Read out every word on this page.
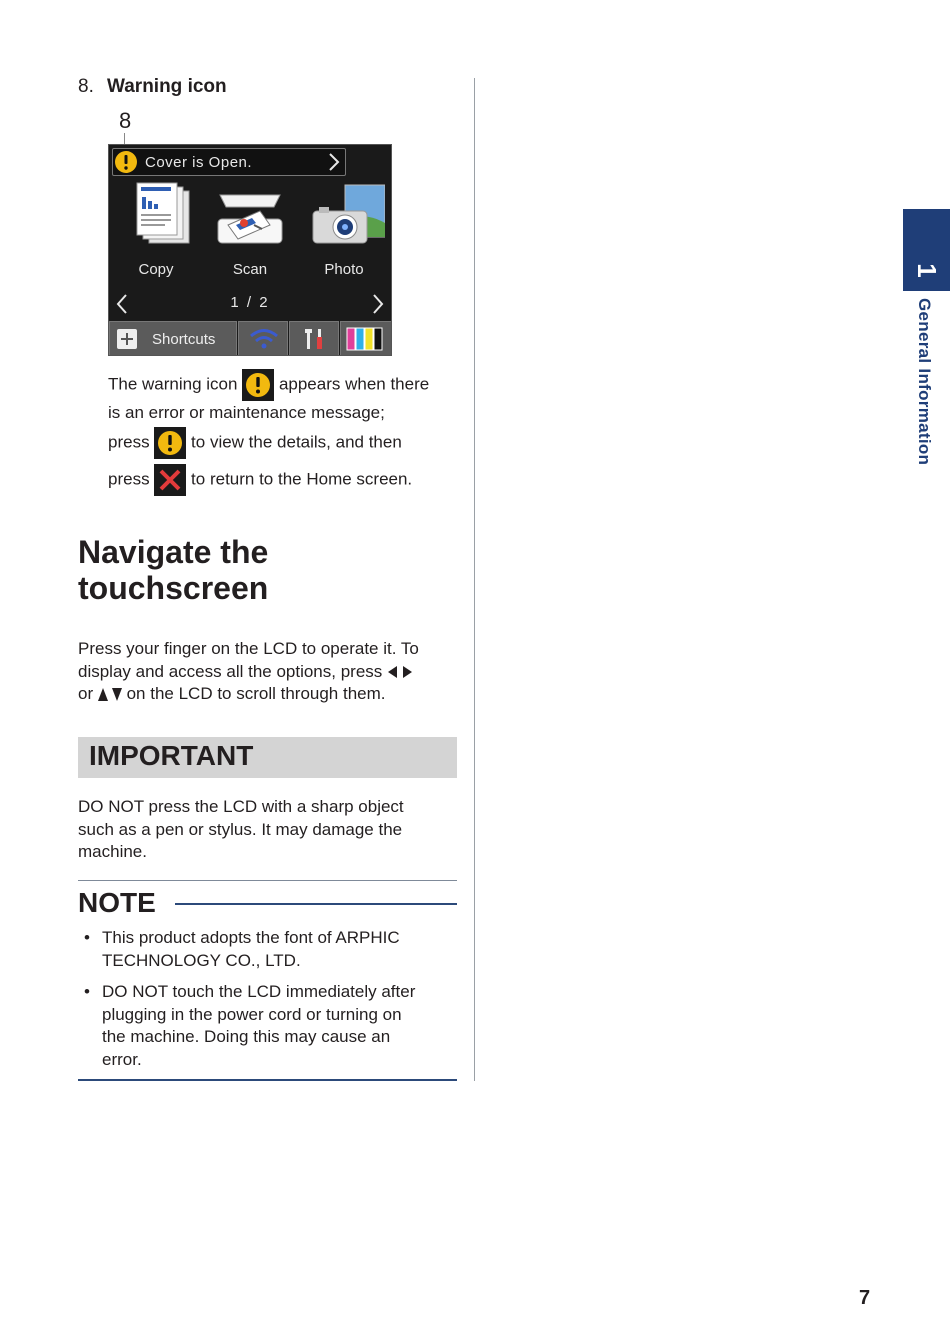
8. Warning icon
8
Cover is Open.
Copy	Scan	Photo
1 / 2
Shortcuts
The warning icon appears when there
is an error or maintenance message;
press to view the details, and then
press to return to the Home screen.
Navigate the
touchscreen
Press your finger on the LCD to operate it. To
display and access all the options, press
or on the LCD to scroll through them.
IMPORTANT
DO NOT press the LCD with a sharp object
such as a pen or stylus. It may damage the
machine.
NOTE
• This product adopts the font of ARPHIC
TECHNOLOGY CO., LTD.
• DO NOT touch the LCD immediately after
plugging in the power cord or turning on
the machine. Doing this may cause an
error.
1
General Information
7
